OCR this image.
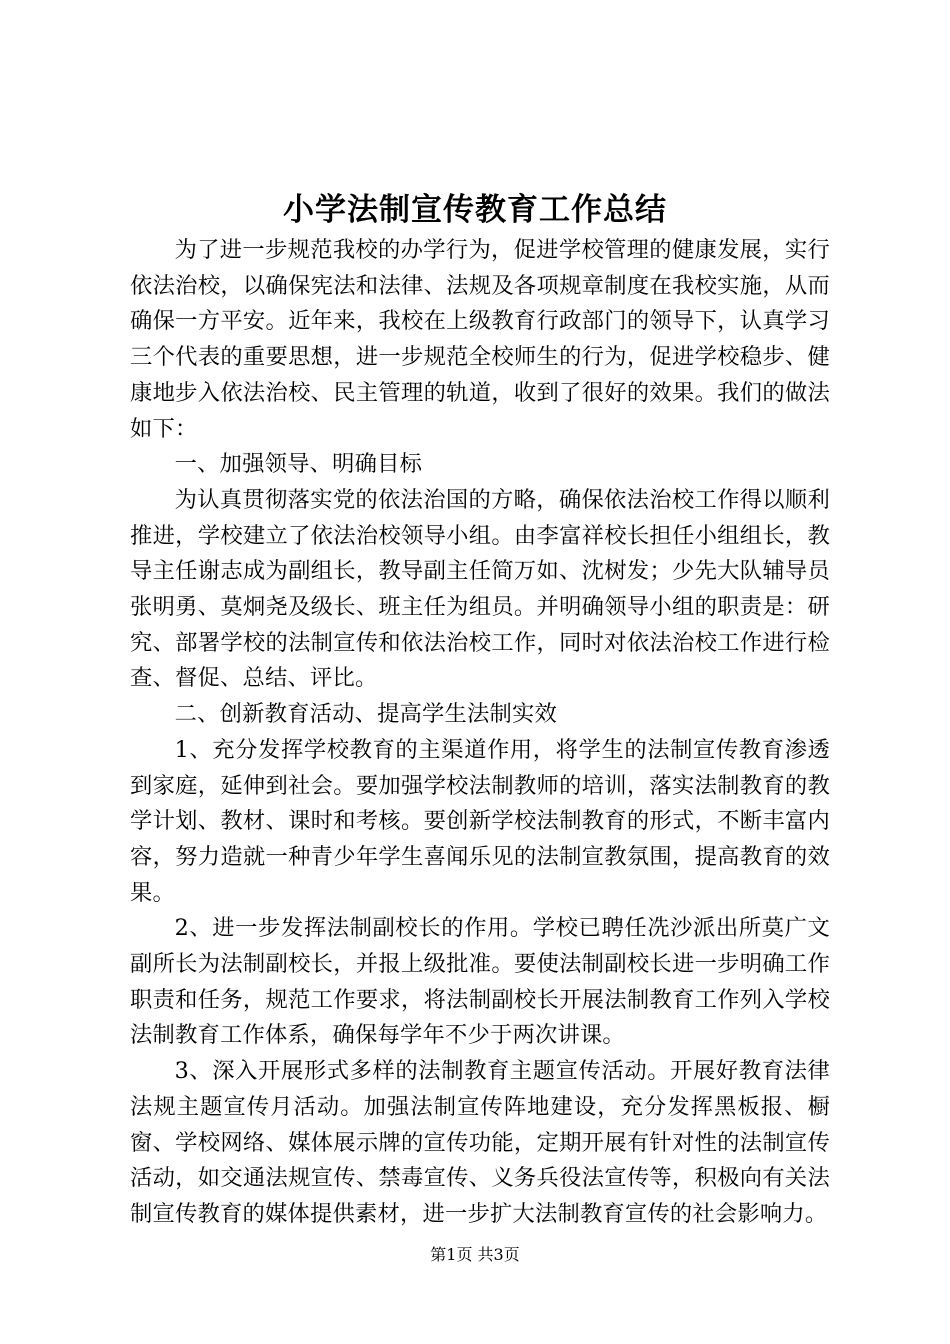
小学法制宣传教育工作总结

为了进一步规范我校的办学行为，促进学校管理的健康发展，实行依法治校，以确保宪法和法律、法规及各项规章制度在我校实施，从而确保一方平安。近年来，我校在上级教育行政部门的领导下，认真学习三个代表的重要思想，进一步规范全校师生的行为，促进学校稳步、健康地步入依法治校、民主管理的轨道，收到了很好的效果。我们的做法如下：

一、加强领导、明确目标

为认真贯彻落实党的依法治国的方略，确保依法治校工作得以顺利推进，学校建立了依法治校领导小组。由李富祥校长担任小组组长，教导主任谢志成为副组长，教导副主任简万如、沈树发；少先大队辅导员张明勇、莫炯尧及级长、班主任为组员。并明确领导小组的职责是：研究、部署学校的法制宣传和依法治校工作，同时对依法治校工作进行检查、督促、总结、评比。

二、创新教育活动、提高学生法制实效

1、充分发挥学校教育的主渠道作用，将学生的法制宣传教育渗透到家庭，延伸到社会。要加强学校法制教师的培训，落实法制教育的教学计划、教材、课时和考核。要创新学校法制教育的形式，不断丰富内容，努力造就一种青少年学生喜闻乐见的法制宣教氛围，提高教育的效果。

2、进一步发挥法制副校长的作用。学校已聘任冼沙派出所莫广文副所长为法制副校长，并报上级批准。要使法制副校长进一步明确工作职责和任务，规范工作要求，将法制副校长开展法制教育工作列入学校法制教育工作体系，确保每学年不少于两次讲课。

3、深入开展形式多样的法制教育主题宣传活动。开展好教育法律法规主题宣传月活动。加强法制宣传阵地建设，充分发挥黑板报、橱窗、学校网络、媒体展示牌的宣传功能，定期开展有针对性的法制宣传活动，如交通法规宣传、禁毒宣传、义务兵役法宣传等，积极向有关法制宣传教育的媒体提供素材，进一步扩大法制教育宣传的社会影响力。

第1页 共3页
